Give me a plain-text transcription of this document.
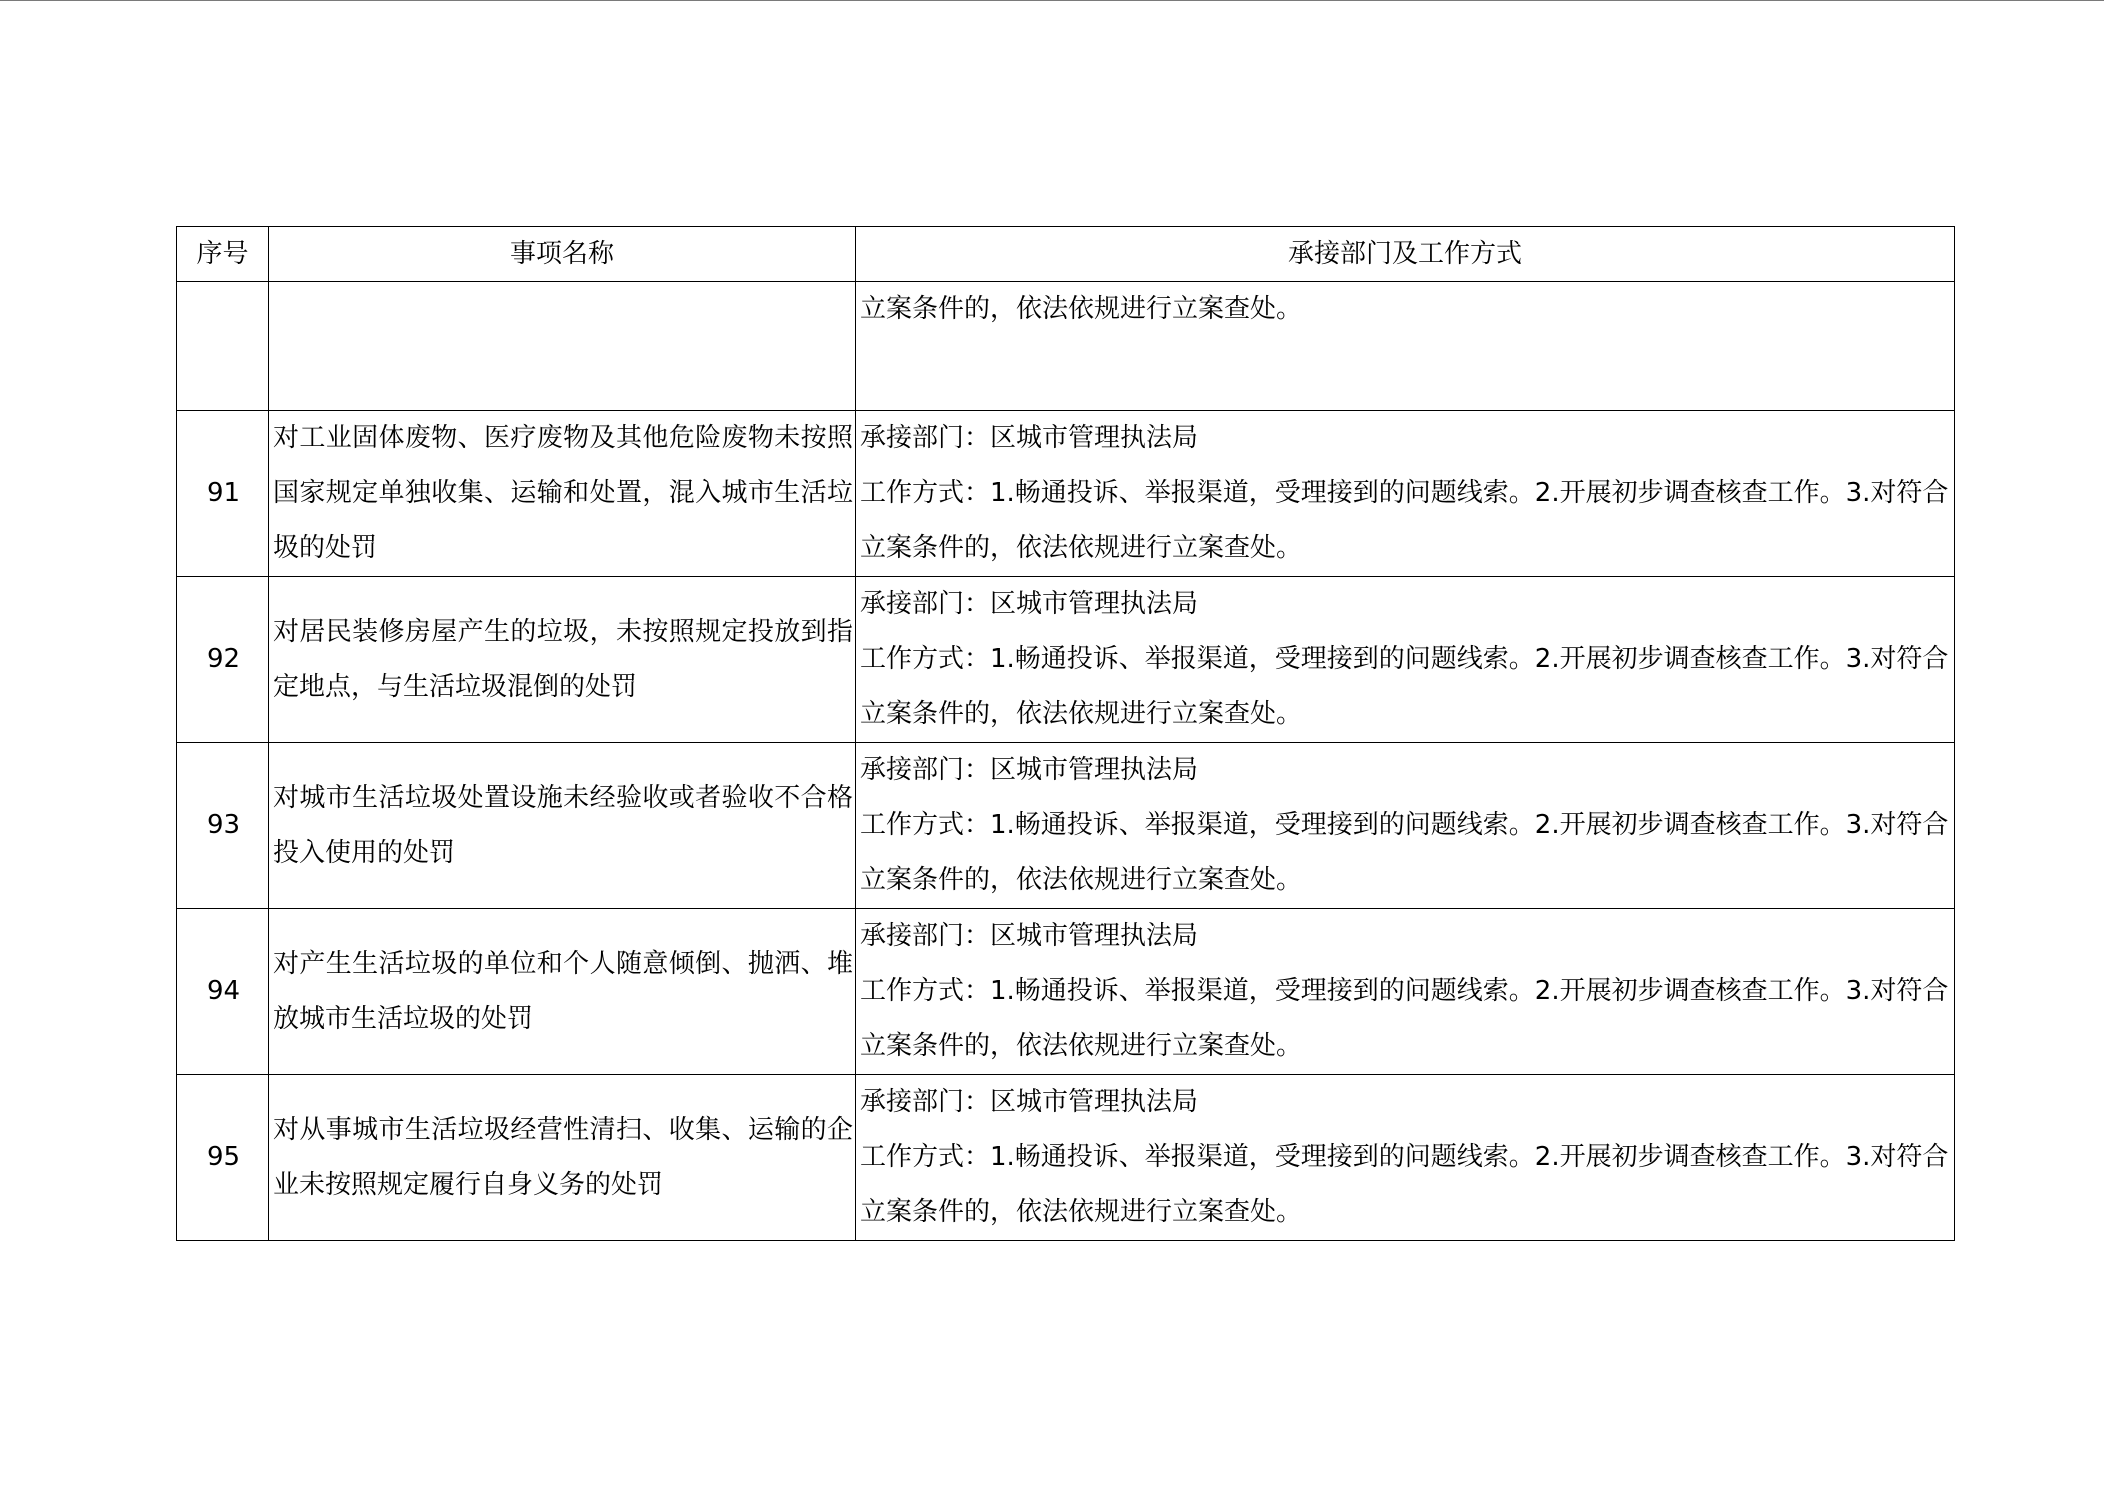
序号	事项名称	承接部门及工作方式

		立案条件的，依法依规进行立案查处。

91	对工业固体废物、医疗废物及其他危险废物未按照国家规定单独收集、运输和处置，混入城市生活垃圾的处罚	承接部门：区城市管理执法局
工作方式：1.畅通投诉、举报渠道，受理接到的问题线索。2.开展初步调查核查工作。3.对符合
立案条件的，依法依规进行立案查处。

92	对居民装修房屋产生的垃圾，未按照规定投放到指定地点，与生活垃圾混倒的处罚	承接部门：区城市管理执法局
工作方式：1.畅通投诉、举报渠道，受理接到的问题线索。2.开展初步调查核查工作。3.对符合
立案条件的，依法依规进行立案查处。

93	对城市生活垃圾处置设施未经验收或者验收不合格投入使用的处罚	承接部门：区城市管理执法局
工作方式：1.畅通投诉、举报渠道，受理接到的问题线索。2.开展初步调查核查工作。3.对符合
立案条件的，依法依规进行立案查处。

94	对产生生活垃圾的单位和个人随意倾倒、抛洒、堆放城市生活垃圾的处罚	承接部门：区城市管理执法局
工作方式：1.畅通投诉、举报渠道，受理接到的问题线索。2.开展初步调查核查工作。3.对符合
立案条件的，依法依规进行立案查处。

95	对从事城市生活垃圾经营性清扫、收集、运输的企业未按照规定履行自身义务的处罚	承接部门：区城市管理执法局
工作方式：1.畅通投诉、举报渠道，受理接到的问题线索。2.开展初步调查核查工作。3.对符合
立案条件的，依法依规进行立案查处。
